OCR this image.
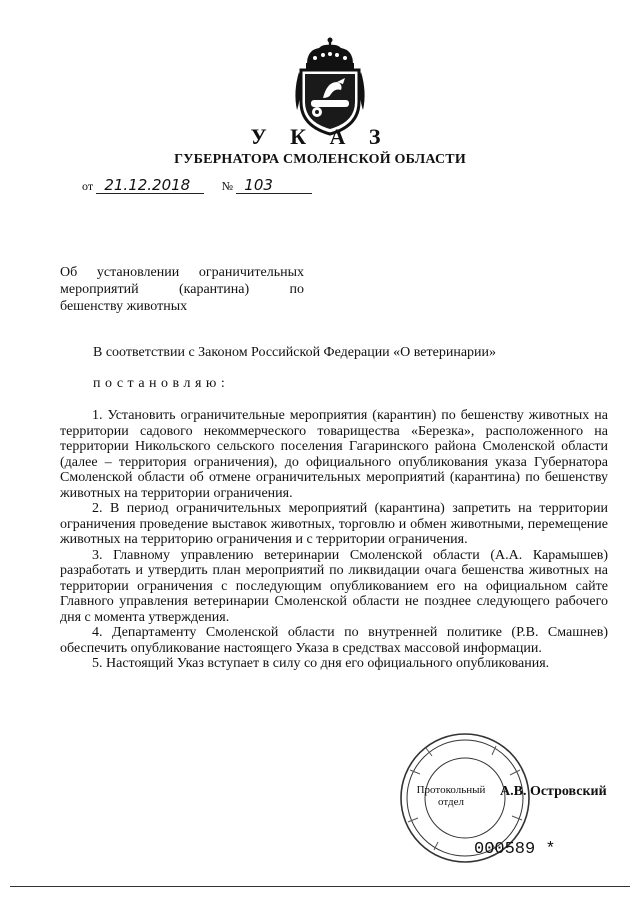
У К А З
ГУБЕРНАТОРА СМОЛЕНСКОЙ ОБЛАСТИ
от 21.12.2018	№ 103
Об установлении ограничительных
мероприятий (карантина) по
бешенству животных
В соответствии с Законом Российской Федерации «О ветеринарии»
постановляю:

1. Установить ограничительные мероприятия (карантин) по бешенству животных на территории садового некоммерческого товарищества «Березка», расположенного на территории Никольского сельского поселения Гагаринского района Смоленской области (далее – территория ограничения), до официального опубликования указа Губернатора Смоленской области об отмене ограничительных мероприятий (карантина) по бешенству животных на территории ограничения.

2. В период ограничительных мероприятий (карантина) запретить на территории ограничения проведение выставок животных, торговлю и обмен животными, перемещение животных на территорию ограничения и с территории ограничения.

3. Главному управлению ветеринарии Смоленской области (А.А. Карамышев) разработать и утвердить план мероприятий по ликвидации очага бешенства животных на территории ограничения с последующим опубликованием его на официальном сайте Главного управления ветеринарии Смоленской области не позднее следующего рабочего дня с момента утверждения.

4. Департаменту Смоленской области по внутренней политике (Р.В. Смашнев) обеспечить опубликование настоящего Указа в средствах массовой информации.

5. Настоящий Указ вступает в силу со дня его официального опубликования.

Протокольный
отдел
А.В. Островский
000589 *
